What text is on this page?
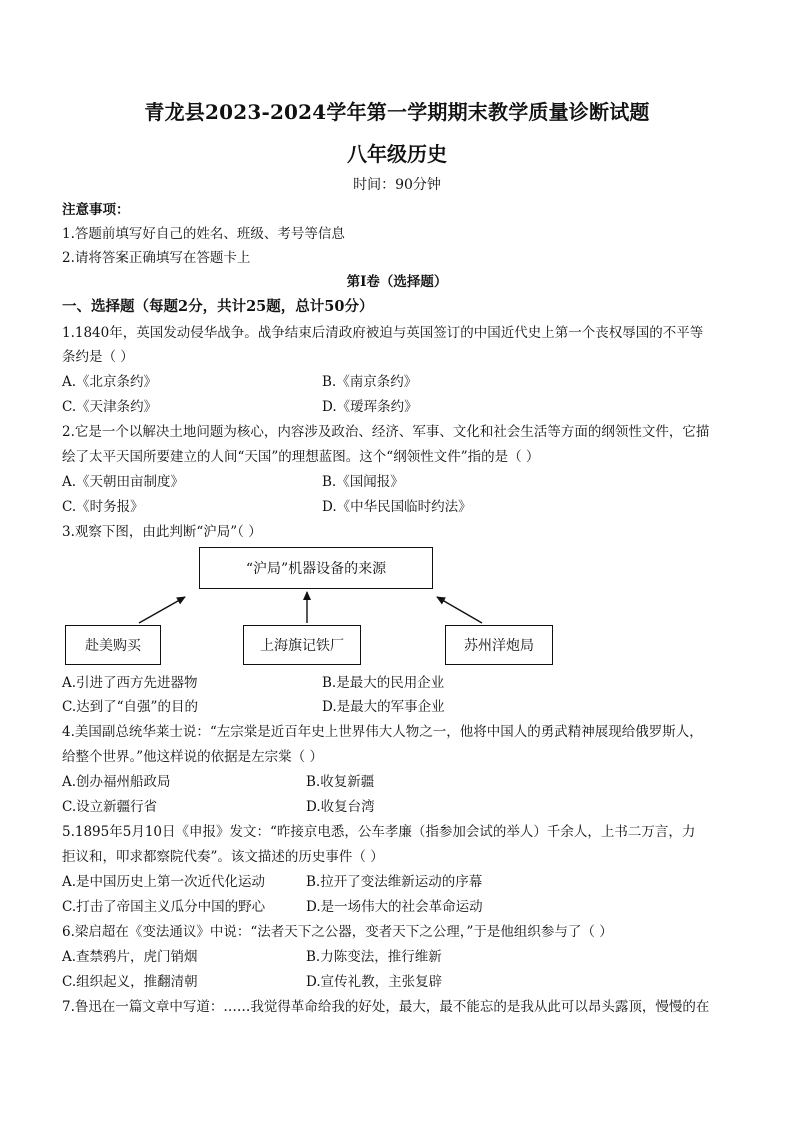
青龙县2023-2024学年第一学期期末教学质量诊断试题
八年级历史
时间：90分钟
注意事项：
1.答题前填写好自己的姓名、班级、考号等信息
2.请将答案正确填写在答题卡上
第Ⅰ卷（选择题）
一、选择题（每题2分，共计25题，总计50分）
1.1840年，英国发动侵华战争。战争结束后清政府被迫与英国签订的中国近代史上第一个丧权辱国的不平等
条约是（ ）
A.《北京条约》	B.《南京条约》
C.《天津条约》	D.《瑷珲条约》
2.它是一个以解决土地问题为核心，内容涉及政治、经济、军事、文化和社会生活等方面的纲领性文件，它描
绘了太平天国所要建立的人间“天国”的理想蓝图。这个“纲领性文件”指的是（ ）
A.《天朝田亩制度》	B.《国闻报》
C.《时务报》	D.《中华民国临时约法》
3.观察下图，由此判断“沪局”（ ）
“沪局”机器设备的来源
赴美购买	上海旗记铁厂	苏州洋炮局
A.引进了西方先进器物	B.是最大的民用企业
C.达到了“自强”的目的	D.是最大的军事企业
4.美国副总统华莱士说：“左宗棠是近百年史上世界伟大人物之一，他将中国人的勇武精神展现给俄罗斯人，
给整个世界。”他这样说的依据是左宗棠（ ）
A.创办福州船政局	B.收复新疆
C.设立新疆行省	D.收复台湾
5.1895年5月10日《申报》发文：“昨接京电悉，公车孝廉（指参加会试的举人）千余人，上书二万言，力
拒议和，叩求都察院代奏”。该文描述的历史事件（ ）
A.是中国历史上第一次近代化运动	B.拉开了变法维新运动的序幕
C.打击了帝国主义瓜分中国的野心	D.是一场伟大的社会革命运动
6.梁启超在《变法通议》中说：“法者天下之公器，变者天下之公理，”于是他组织参与了（ ）
A.查禁鸦片，虎门销烟	B.力陈变法，推行维新
C.组织起义，推翻清朝	D.宣传礼教，主张复辟
7.鲁迅在一篇文章中写道：……我觉得革命给我的好处，最大，最不能忘的是我从此可以昂头露顶，慢慢的在
